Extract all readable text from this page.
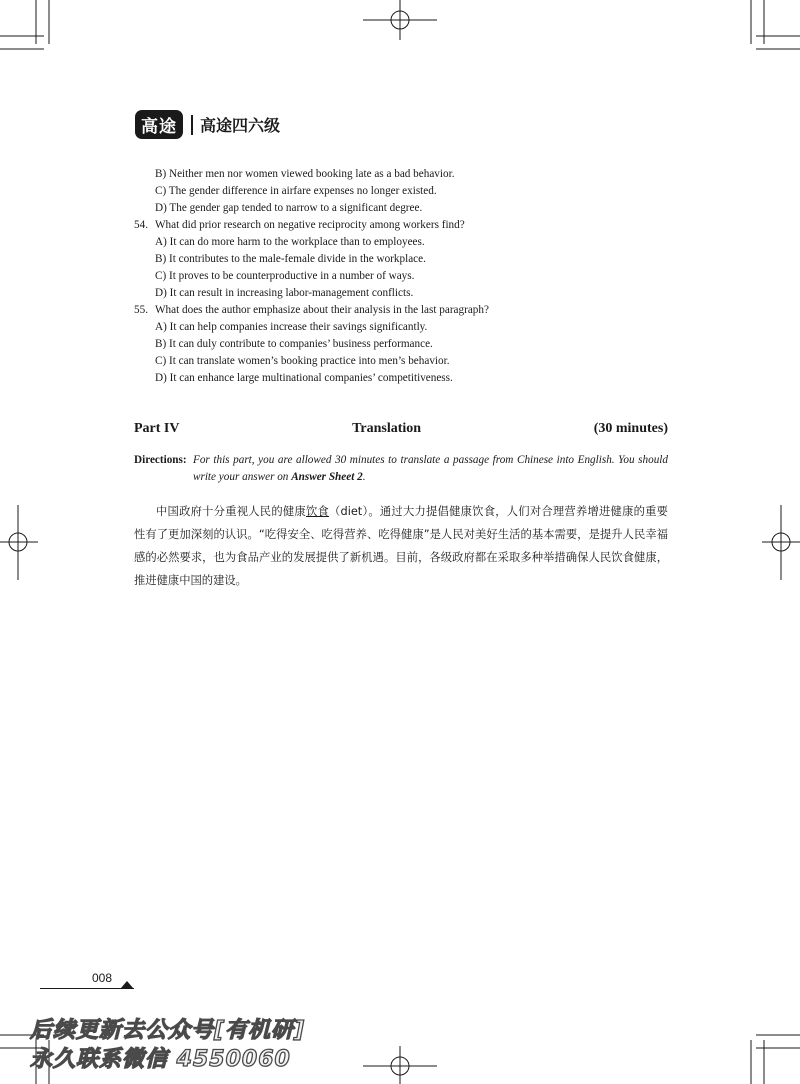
高途	高途四六级
B) Neither men nor women viewed booking late as a bad behavior.
C) The gender difference in airfare expenses no longer existed.
D) The gender gap tended to narrow to a significant degree.
54. What did prior research on negative reciprocity among workers find?
A) It can do more harm to the workplace than to employees.
B) It contributes to the male-female divide in the workplace.
C) It proves to be counterproductive in a number of ways.
D) It can result in increasing labor-management conflicts.
55. What does the author emphasize about their analysis in the last paragraph?
A) It can help companies increase their savings significantly.
B) It can duly contribute to companies’ business performance.
C) It can translate women’s booking practice into men’s behavior.
D) It can enhance large multinational companies’ competitiveness.
Part IV	Translation	(30 minutes)
Directions: For this part, you are allowed 30 minutes to translate a passage from Chinese into English. You should write your answer on Answer Sheet 2.
中国政府十分重视人民的健康饮食（diet）。通过大力提倡健康饮食，人们对合理营养增进健康的重要性有了更加深刻的认识。“吃得安全、吃得营养、吃得健康”是人民对美好生活的基本需要，是提升人民幸福感的必然要求，也为食品产业的发展提供了新机遇。目前，各级政府都在采取多种举措确保人民饮食健康，推进健康中国的建设。
008
后续更新去公众号[有机研]
永久联系微信 4550060
